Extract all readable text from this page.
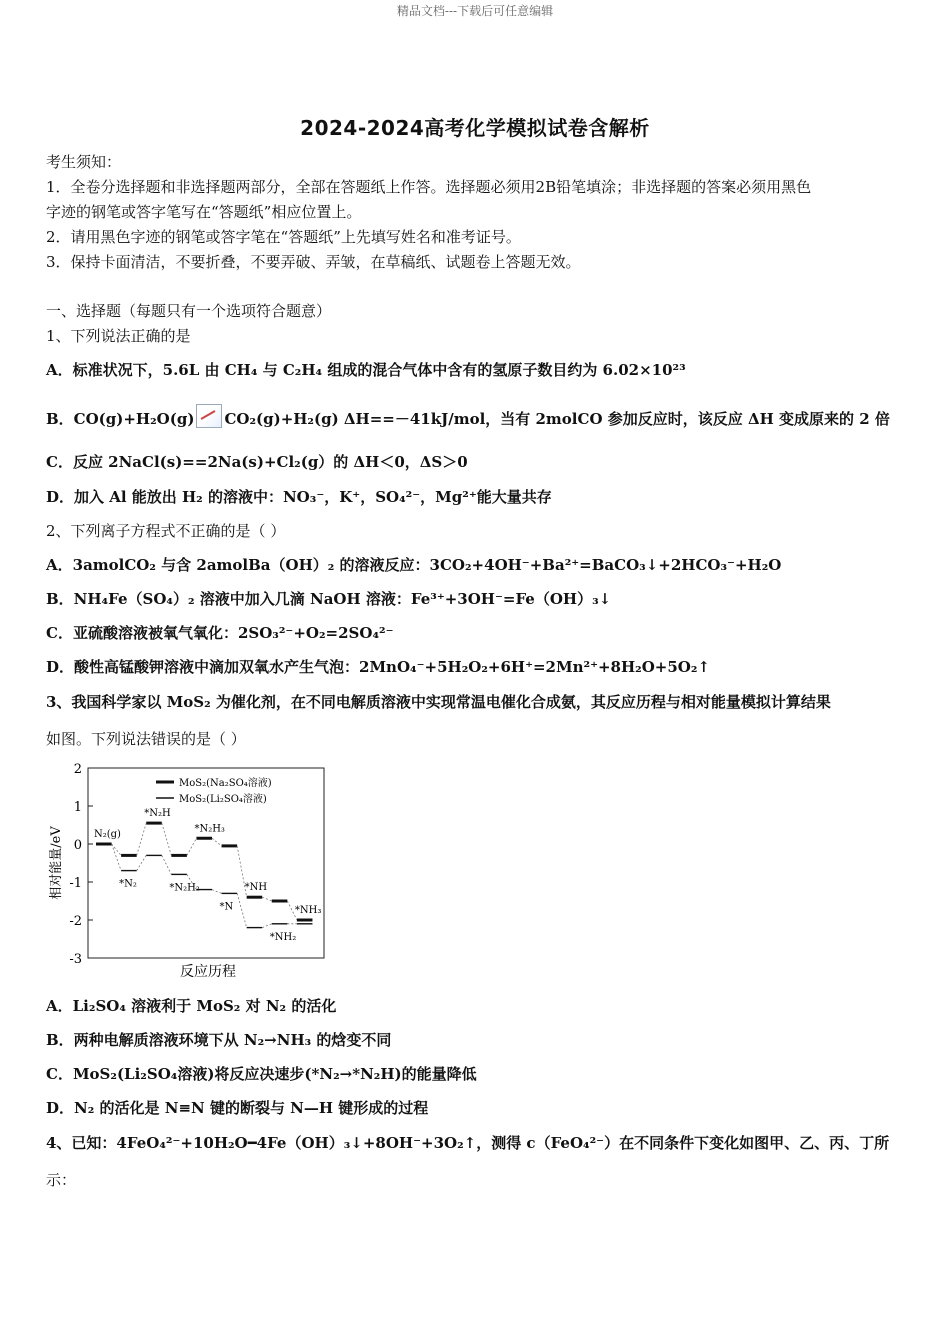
精品文档---下载后可任意编辑
2024-2024高考化学模拟试卷含解析
考生须知：
1．全卷分选择题和非选择题两部分，全部在答题纸上作答。选择题必须用2B铅笔填涂；非选择题的答案必须用黑色
字迹的钢笔或答字笔写在“答题纸”相应位置上。
2．请用黑色字迹的钢笔或答字笔在“答题纸”上先填写姓名和准考证号。
3．保持卡面清洁，不要折叠，不要弄破、弄皱，在草稿纸、试题卷上答题无效。
一、选择题（每题只有一个选项符合题意）
1、下列说法正确的是
A．标准状况下，5.6L 由 CH₄ 与 C₂H₄ 组成的混合气体中含有的氢原子数目约为 6.02×10²³
B．CO(g)+H₂O(g) CO₂(g)+H₂(g) ΔH==－41kJ/mol，当有 2molCO 参加反应时，该反应 ΔH 变成原来的 2 倍
C．反应 2NaCl(s)==2Na(s)+Cl₂(g）的 ΔH＜0，ΔS＞0
D．加入 Al 能放出 H₂ 的溶液中：NO₃⁻，K⁺，SO₄²⁻，Mg²⁺能大量共存
2、下列离子方程式不正确的是（ ）
A．3amolCO₂ 与含 2amolBa（OH）₂ 的溶液反应：3CO₂+4OH⁻+Ba²⁺=BaCO₃↓+2HCO₃⁻+H₂O
B．NH₄Fe（SO₄）₂ 溶液中加入几滴 NaOH 溶液：Fe³⁺+3OH⁻=Fe（OH）₃↓
C．亚硫酸溶液被氧气氧化：2SO₃²⁻+O₂=2SO₄²⁻
D．酸性高锰酸钾溶液中滴加双氧水产生气泡：2MnO₄⁻+5H₂O₂+6H⁺=2Mn²⁺+8H₂O+5O₂↑
3、我国科学家以 MoS₂ 为催化剂，在不同电解质溶液中实现常温电催化合成氨，其反应历程与相对能量模拟计算结果
如图。下列说法错误的是（ ）
2
1
0
-1
-2
-3
N₂(g)
*N₂
*N₂H
*N₂H₂
*N₂H₃
*N
*NH
*NH₂
*NH₃
MoS₂(Na₂SO₄溶液)
MoS₂(Li₂SO₄溶液)
相对能量/eV
反应历程
A．Li₂SO₄ 溶液利于 MoS₂ 对 N₂ 的活化
B．两种电解质溶液环境下从 N₂→NH₃ 的焓变不同
C．MoS₂(Li₂SO₄溶液)将反应决速步(*N₂→*N₂H)的能量降低
D．N₂ 的活化是 N≡N 键的断裂与 N—H 键形成的过程
4、已知：4FeO₄²⁻+10H₂O━4Fe（OH）₃↓+8OH⁻+3O₂↑，测得 c（FeO₄²⁻）在不同条件下变化如图甲、乙、丙、丁所
示：
